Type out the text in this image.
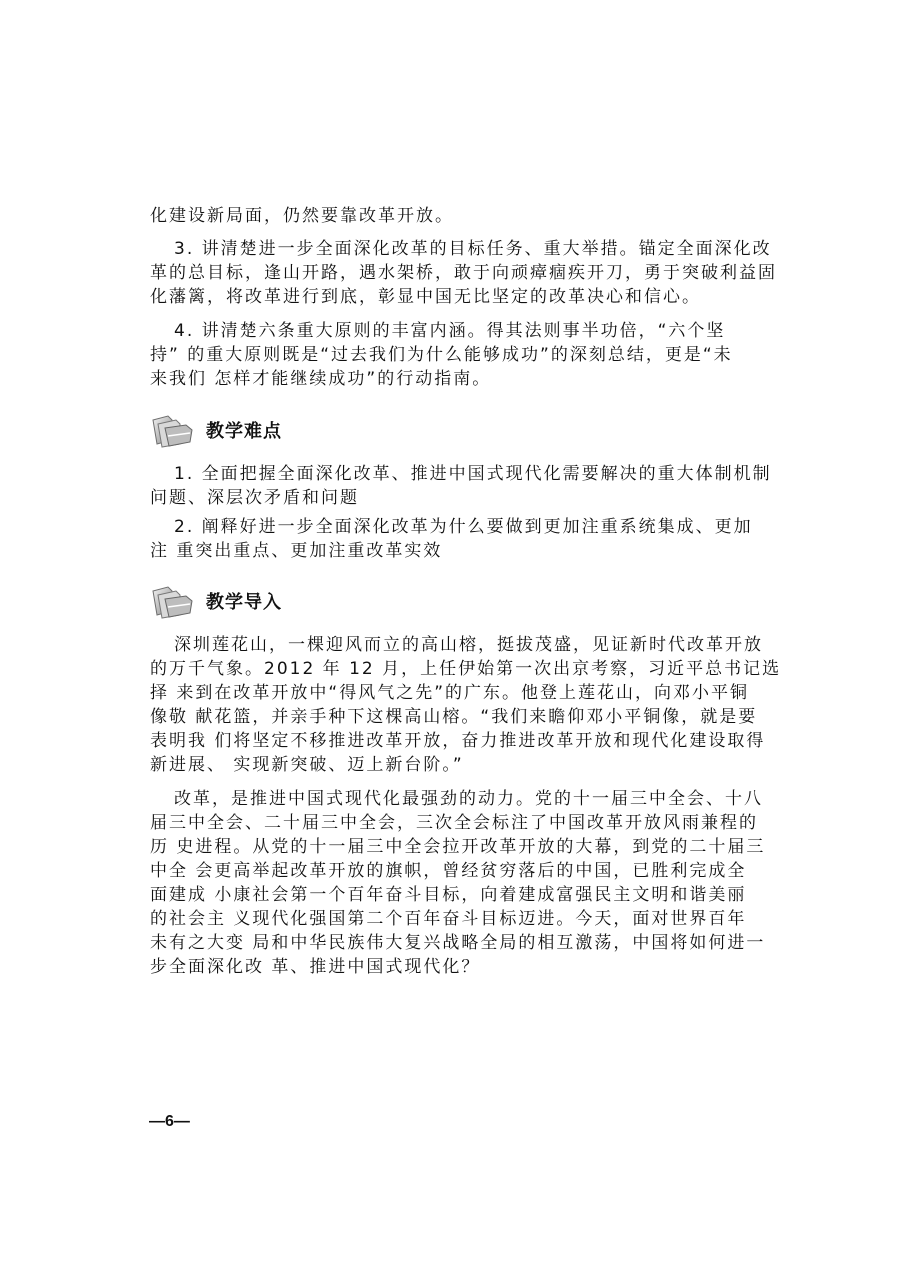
化建设新局面，仍然要靠改革开放。
3. 讲清楚进一步全面深化改革的目标任务、重大举措。锚定全面深化改
革的总目标，逢山开路，遇水架桥，敢于向顽瘴痼疾开刀，勇于突破利益固
化藩篱，将改革进行到底，彰显中国无比坚定的改革决心和信心。
4. 讲清楚六条重大原则的丰富内涵。得其法则事半功倍，“六个坚
持” 的重大原则既是“过去我们为什么能够成功”的深刻总结，更是“未
来我们 怎样才能继续成功”的行动指南。
教学难点
1. 全面把握全面深化改革、推进中国式现代化需要解决的重大体制机制
问题、深层次矛盾和问题
2. 阐释好进一步全面深化改革为什么要做到更加注重系统集成、更加
注 重突出重点、更加注重改革实效
教学导入
深圳莲花山，一棵迎风而立的高山榕，挺拔茂盛，见证新时代改革开放
的万千气象。2012 年 12 月，上任伊始第一次出京考察，习近平总书记选
择 来到在改革开放中“得风气之先”的广东。他登上莲花山，向邓小平铜
像敬 献花篮，并亲手种下这棵高山榕。“我们来瞻仰邓小平铜像，就是要
表明我 们将坚定不移推进改革开放，奋力推进改革开放和现代化建设取得
新进展、 实现新突破、迈上新台阶。”
改革，是推进中国式现代化最强劲的动力。党的十一届三中全会、十八
届三中全会、二十届三中全会，三次全会标注了中国改革开放风雨兼程的
历 史进程。从党的十一届三中全会拉开改革开放的大幕，到党的二十届三
中全 会更高举起改革开放的旗帜，曾经贫穷落后的中国，已胜利完成全
面建成 小康社会第一个百年奋斗目标，向着建成富强民主文明和谐美丽
的社会主 义现代化强国第二个百年奋斗目标迈进。今天，面对世界百年
未有之大变 局和中华民族伟大复兴战略全局的相互激荡，中国将如何进一
步全面深化改 革、推进中国式现代化？
—6—
